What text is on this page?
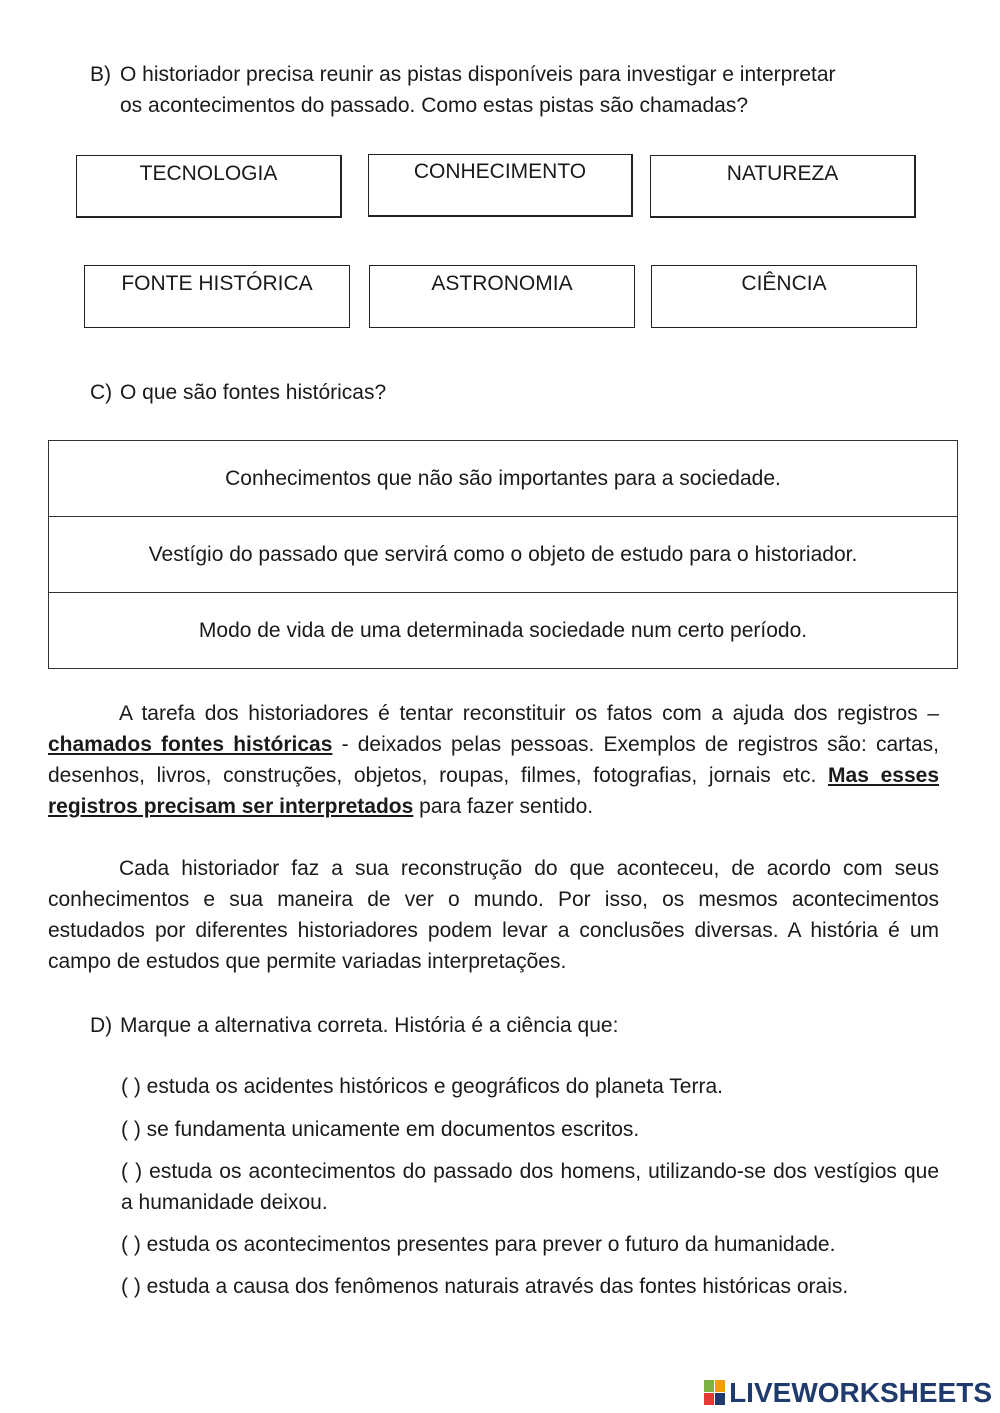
B) O historiador precisa reunir as pistas disponíveis para investigar e interpretar
os acontecimentos do passado. Como estas pistas são chamadas?
TECNOLOGIA	CONHECIMENTO	NATUREZA
FONTE HISTÓRICA	ASTRONOMIA	CIÊNCIA
C) O que são fontes históricas?
Conhecimentos que não são importantes para a sociedade.
Vestígio do passado que servirá como o objeto de estudo para o historiador.
Modo de vida de uma determinada sociedade num certo período.
A tarefa dos historiadores é tentar reconstituir os fatos com a ajuda dos registros – chamados fontes históricas - deixados pelas pessoas. Exemplos de registros são: cartas, desenhos, livros, construções, objetos, roupas, filmes, fotografias, jornais etc. Mas esses registros precisam ser interpretados para fazer sentido.
Cada historiador faz a sua reconstrução do que aconteceu, de acordo com seus conhecimentos e sua maneira de ver o mundo. Por isso, os mesmos acontecimentos estudados por diferentes historiadores podem levar a conclusões diversas. A história é um campo de estudos que permite variadas interpretações.
D) Marque a alternativa correta. História é a ciência que:
( ) estuda os acidentes históricos e geográficos do planeta Terra.
( ) se fundamenta unicamente em documentos escritos.
( ) estuda os acontecimentos do passado dos homens, utilizando-se dos vestígios que a humanidade deixou.
( ) estuda os acontecimentos presentes para prever o futuro da humanidade.
( ) estuda a causa dos fenômenos naturais através das fontes históricas orais.
LIVEWORKSHEETS
